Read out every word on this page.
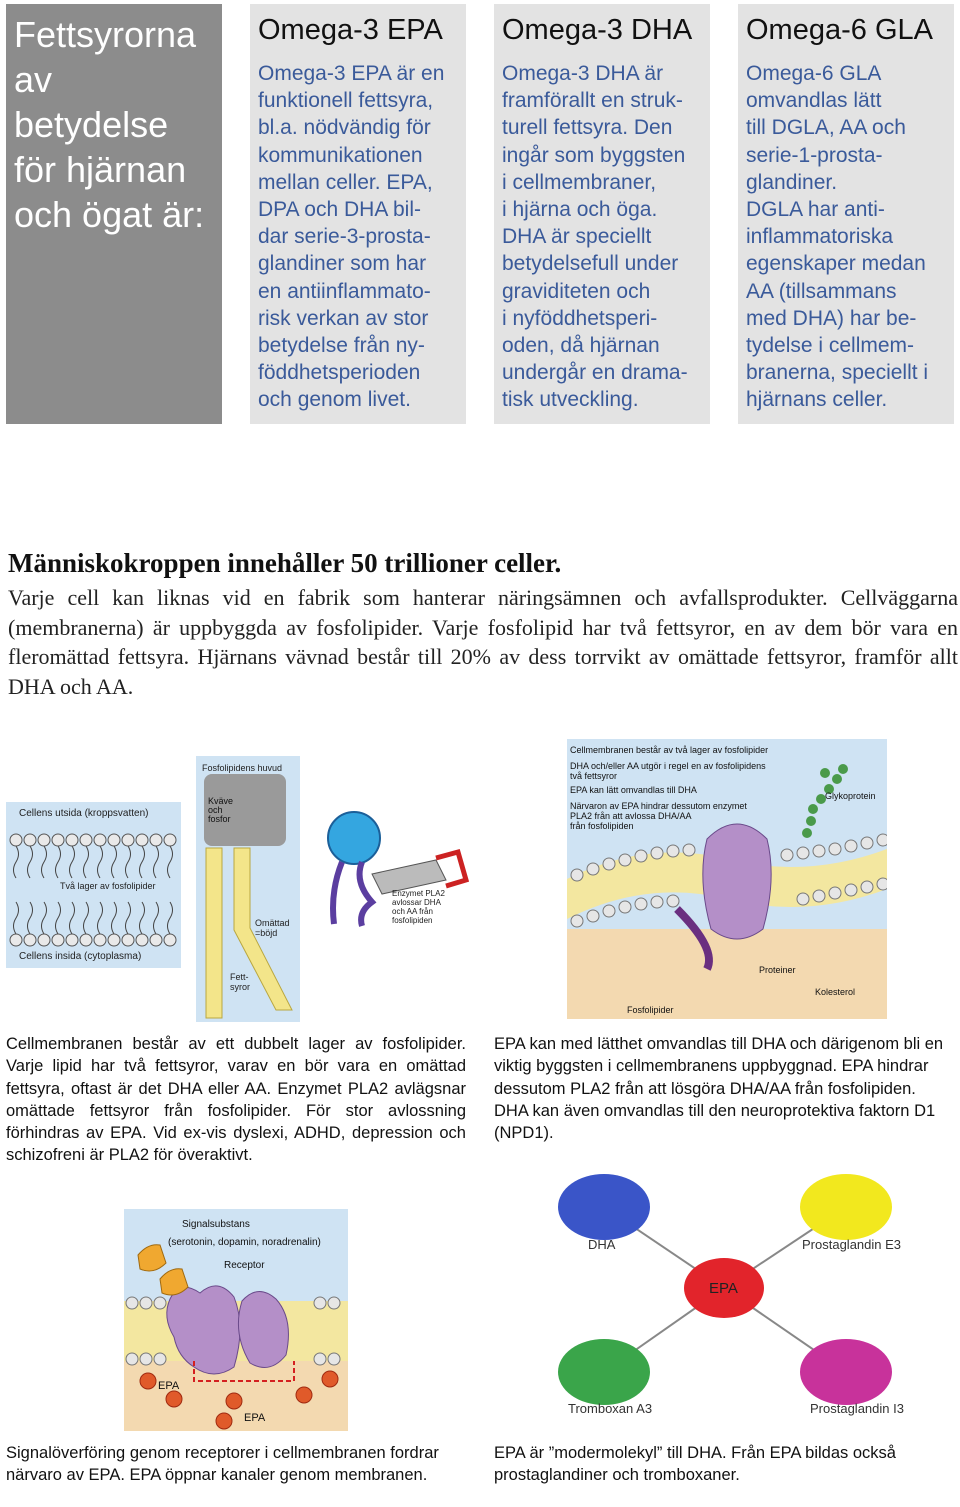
Fettsyrorna
av betydelse
för hjärnan
och ögat är:
Omega-3 EPA
Omega-3 EPA är en
funktionell fettsyra,
bl.a. nödvändig för
kommunikationen
mellan celler. EPA,
DPA och DHA bil-
dar serie-3-prosta-
glandiner som har
en antiinflammato-
risk verkan av stor
betydelse från ny-
föddhetsperioden
och genom livet.
Omega-3 DHA
Omega-3 DHA är
framförallt en struk-
turell fettsyra. Den
ingår som byggsten
i cellmembraner,
i hjärna och öga.
DHA är speciellt
betydelsefull under
graviditeten och
i nyföddhetsperi-
oden, då hjärnan
undergår en drama-
tisk utveckling.
Omega-6 GLA
Omega-6 GLA
omvandlas lätt
till DGLA, AA och
serie-1-prosta-
glandiner.
DGLA har anti-
inflammatoriska
egenskaper medan
AA (tillsammans
med DHA) har be-
tydelse i cellmem-
branerna, speciellt i
hjärnans celler.
Människokroppen innehåller 50 trillioner celler.
Varje cell kan liknas vid en fabrik som hanterar näringsämnen och avfallsprodukter. Cellväggarna (membranerna) är uppbyggda av fosfolipider. Varje fosfolipid har två fettsyror, en av dem bör vara en fleromättad fettsyra. Hjärnans vävnad består till 20% av dess torrvikt av omättade fettsyror, framför allt DHA och AA.
Cellens utsida (kroppsvatten)
Två lager av fosfolipider
Cellens insida (cytoplasma)
Fosfolipidens huvud
Kväve
och
fosfor
Omättad
=böjd
Fett-
syror
Enzymet PLA2
avlossar DHA
och AA från
fosfolipiden
Cellmembranen består av två lager av fosfolipider
DHA och/eller AA utgör i regel en av fosfolipidens
två fettsyror
EPA kan lätt omvandlas till DHA
Närvaron av EPA hindrar dessutom enzymet
PLA2 från att avlossa DHA/AA
från fosfolipiden
Glykoprotein
Proteiner
Kolesterol
Fosfolipider
Cellmembranen består av ett dubbelt lager av fosfolipider. Varje lipid har två fettsyror, varav en bör vara en omättad fettsyra, oftast är det DHA eller AA. Enzymet PLA2 avlägsnar omättade fettsyror från fosfolipider. För stor avlossning förhindras av EPA. Vid ex-vis dyslexi, ADHD, depression och schizofreni är PLA2 för överaktivt.
EPA kan med lätthet omvandlas till DHA och därigenom bli en viktig byggsten i cellmembranens uppbyggnad. EPA hindrar dessutom PLA2 från att lösgöra DHA/AA från fosfolipiden. DHA kan även omvandlas till den neuroprotektiva faktorn D1 (NPD1).
Signalsubstans
(serotonin, dopamin, noradrenalin)
Receptor
EPA
EPA
DHA	Prostaglandin E3
EPA
Tromboxan A3	Prostaglandin I3
Signalöverföring genom receptorer i cellmembranen fordrar närvaro av EPA. EPA öppnar kanaler genom membranen.
EPA är ”modermolekyl” till DHA. Från EPA bildas också prostaglandiner och tromboxaner.
